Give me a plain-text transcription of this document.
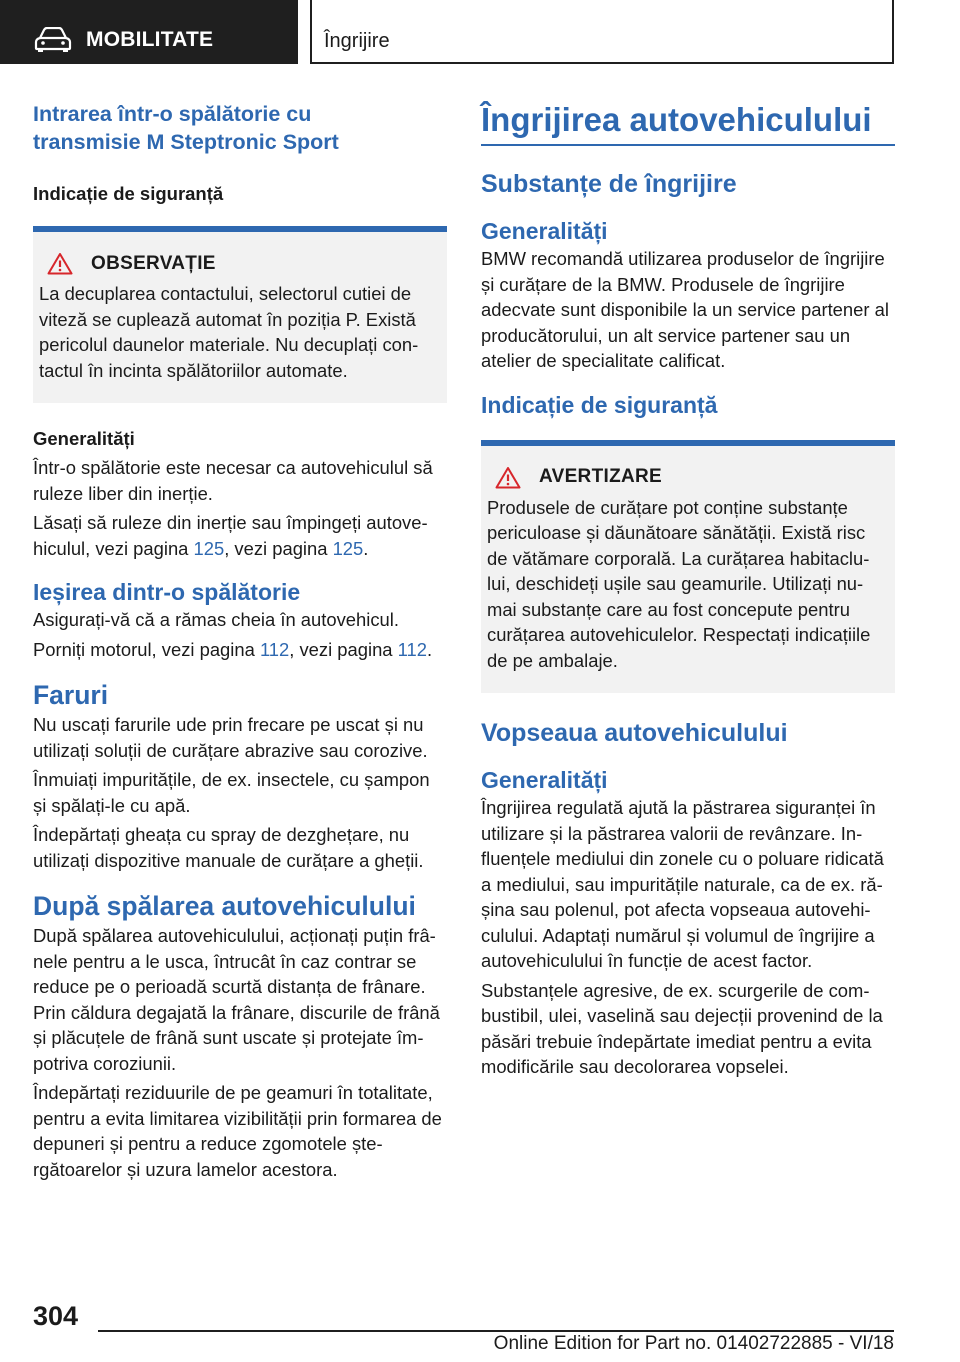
MOBILITATE	Îngrijire
Intrarea într-o spălătorie cu transmisie M Steptronic Sport
Indicație de siguranță
OBSERVAȚIE

La decuplarea contactului, selectorul cutiei de viteză se cuplează automat în poziția P. Există pericolul daunelor materiale. Nu decuplați con-tactul în incinta spălătoriilor automate.

Generalități

Într-o spălătorie este necesar ca autovehiculul să ruleze liber din inerție.

Lăsați să ruleze din inerție sau împingeți autove-hiculul, vezi pagina 125, vezi pagina 125.

Ieșirea dintr-o spălătorie

Asigurați-vă că a rămas cheia în autovehicul.

Porniți motorul, vezi pagina 112, vezi pagina 112.

Faruri

Nu uscați farurile ude prin frecare pe uscat și nu utilizați soluții de curățare abrazive sau corozive.

Înmuiați impuritățile, de ex. insectele, cu șampon și spălați-le cu apă.

Îndepărtați gheața cu spray de dezghețare, nu utilizați dispozitive manuale de curățare a gheții.

După spălarea autovehiculului

După spălarea autovehiculului, acționați puțin frâ-nele pentru a le usca, întrucât în caz contrar se reduce pe o perioadă scurtă distanța de frânare. Prin căldura degajată la frânare, discurile de frână și plăcuțele de frână sunt uscate și protejate îm-potriva coroziunii.

Îndepărtați reziduurile de pe geamuri în totalitate, pentru a evita limitarea vizibilității prin formarea de depuneri și pentru a reduce zgomotele ște-rgătoarelor și uzura lamelor acestora.

Îngrijirea autovehiculului
Substanțe de îngrijire
Generalități

BMW recomandă utilizarea produselor de îngrijire și curățare de la BMW. Produsele de îngrijire adecvate sunt disponibile la un service partener al producătorului, un alt service partener sau un atelier de specialitate calificat.

Indicație de siguranță
AVERTIZARE

Produsele de curățare pot conține substanțe periculoase și dăunătoare sănătății. Există risc de vătămare corporală. La curățarea habitaclu-lui, deschideți ușile sau geamurile. Utilizați nu-mai substanțe care au fost concepute pentru curățarea autovehiculelor. Respectați indicațiile de pe ambalaje.

Vopseaua autovehiculului
Generalități

Îngrijirea regulată ajută la păstrarea siguranței în utilizare și la păstrarea valorii de revânzare. In-fluențele mediului din zonele cu o poluare ridicată a mediului, sau impuritățile naturale, ca de ex. ră-șina sau polenul, pot afecta vopseaua autovehi-culului. Adaptați numărul și volumul de îngrijire a autovehiculului în funcție de acest factor.

Substanțele agresive, de ex. scurgerile de com-bustibil, ulei, vaselină sau dejecții provenind de la păsări trebuie îndepărtate imediat pentru a evita modificările sau decolorarea vopselei.

304
Online Edition for Part no. 01402722885 - VI/18
